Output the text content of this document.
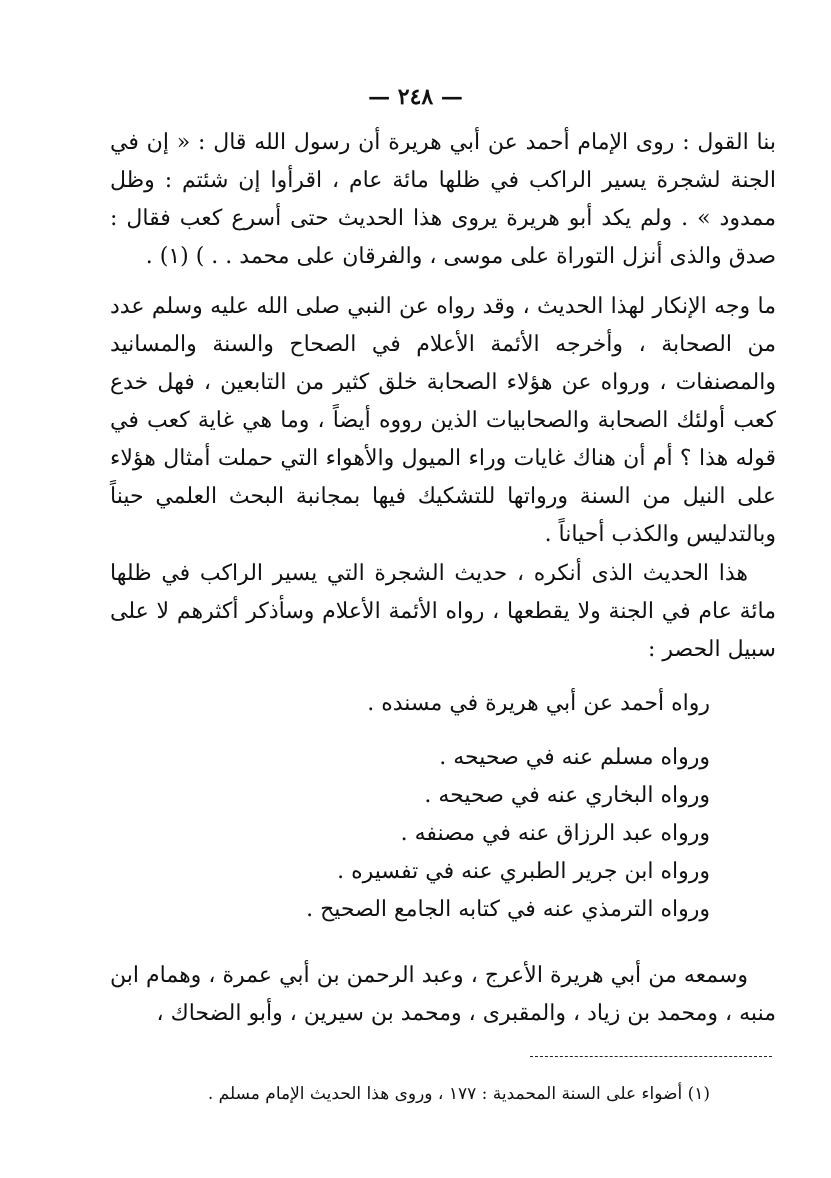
— ٢٤٨ —

بنا القول : روى الإمام أحمد عن أبي هريرة أن رسول الله قال : « إن في الجنة لشجرة يسير الراكب في ظلها مائة عام ، اقرأوا إن شئتم : وظل ممدود » . ولم يكد أبو هريرة يروى هذا الحديث حتى أسرع كعب فقال : صدق والذى أنزل التوراة على موسى ، والفرقان على محمد . . ) (١) .

ما وجه الإنكار لهذا الحديث ، وقد رواه عن النبي صلى الله عليه وسلم عدد من الصحابة ، وأخرجه الأئمة الأعلام في الصحاح والسنة والمسانيد والمصنفات ، ورواه عن هؤلاء الصحابة خلق كثير من التابعين ، فهل خدع كعب أولئك الصحابة والصحابيات الذين رووه أيضاً ، وما هي غاية كعب في قوله هذا ؟ أم أن هناك غايات وراء الميول والأهواء التي حملت أمثال هؤلاء على النيل من السنة ورواتها للتشكيك فيها بمجانبة البحث العلمي حيناً وبالتدليس والكذب أحياناً .

هذا الحديث الذى أنكره ، حديث الشجرة التي يسير الراكب في ظلها مائة عام في الجنة ولا يقطعها ، رواه الأئمة الأعلام وسأذكر أكثرهم لا على سبيل الحصر :

رواه أحمد عن أبي هريرة في مسنده .
ورواه مسلم عنه في صحيحه .
ورواه البخاري عنه في صحيحه .
ورواه عبد الرزاق عنه في مصنفه .
ورواه ابن جرير الطبري عنه في تفسيره .
ورواه الترمذي عنه في كتابه الجامع الصحيح .

وسمعه من أبي هريرة الأعرج ، وعبد الرحمن بن أبي عمرة ، وهمام ابن منبه ، ومحمد بن زياد ، والمقبرى ، ومحمد بن سيرين ، وأبو الضحاك ،

(١) أضواء على السنة المحمدية : ١٧٧ ، وروى هذا الحديث الإمام مسلم .
